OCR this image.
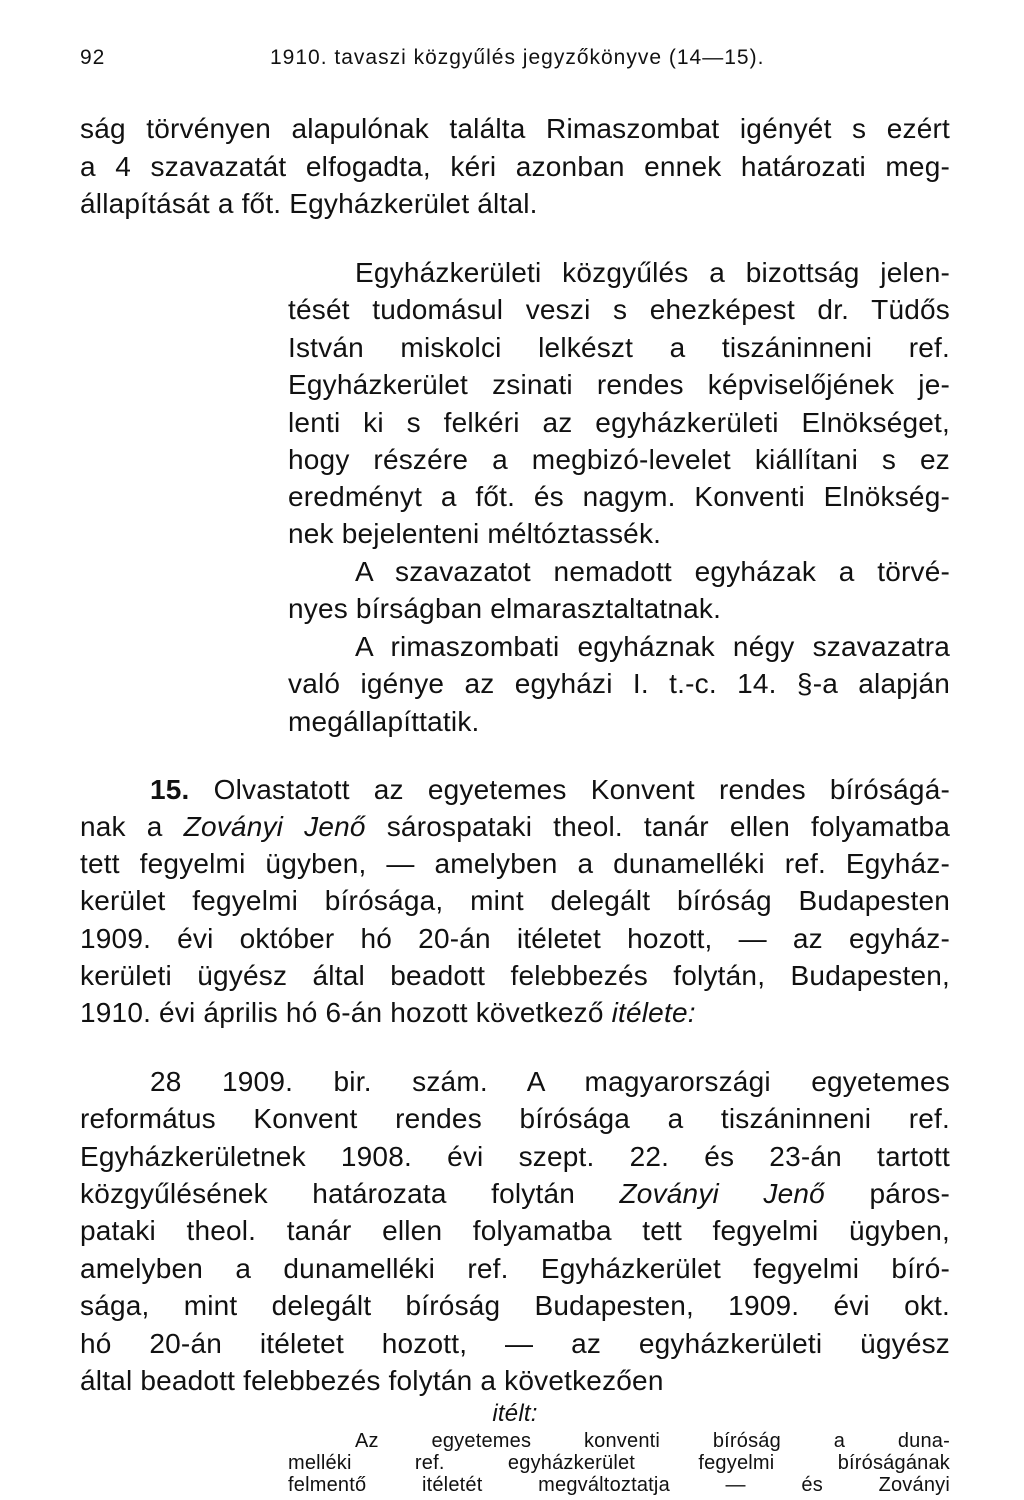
92	1910. tavaszi közgyűlés jegyzőkönyve (14—15).
ság törvényen alapulónak találta Rimaszombat igényét s ezért
a 4 szavazatát elfogadta, kéri azonban ennek határozati meg-
állapítását a főt. Egyházkerület által.
Egyházkerületi közgyűlés a bizottság jelen-
tését tudomásul veszi s ehezképest dr. Tüdős
István miskolci lelkészt a tiszáninneni ref.
Egyházkerület zsinati rendes képviselőjének je-
lenti ki s felkéri az egyházkerületi Elnökséget,
hogy részére a megbizó-levelet kiállítani s ez
eredményt a főt. és nagym. Konventi Elnökség-
nek bejelenteni méltóztassék.
A szavazatot nemadott egyházak a törvé-
nyes bírságban elmarasztaltatnak.
A rimaszombati egyháznak négy szavazatra
való igénye az egyházi I. t.-c. 14. §-a alapján
megállapíttatik.
15. Olvastatott az egyetemes Konvent rendes bíróságá-
nak a Zoványi Jenő sárospataki theol. tanár ellen folyamatba
tett fegyelmi ügyben, — amelyben a dunamelléki ref. Egyház-
kerület fegyelmi bírósága, mint delegált bíróság Budapesten
1909. évi október hó 20-án itéletet hozott, — az egyház-
kerületi ügyész által beadott felebbezés folytán, Budapesten,
1910. évi április hó 6-án hozott következő itélete:
28 1909. bir. szám. A magyarországi egyetemes
református Konvent rendes bírósága a tiszáninneni ref.
Egyházkerületnek 1908. évi szept. 22. és 23-án tartott
közgyűlésének határozata folytán Zoványi Jenő páros-
pataki theol. tanár ellen folyamatba tett fegyelmi ügyben,
amelyben a dunamelléki ref. Egyházkerület fegyelmi bíró-
sága, mint delegált bíróság Budapesten, 1909. évi okt.
hó 20-án itéletet hozott, — az egyházkerületi ügyész
által beadott felebbezés folytán a következően
itélt:
Az egyetemes konventi bíróság a duna-
melléki ref. egyházkerület fegyelmi bíróságának
felmentő itéletét megváltoztatja — és Zoványi
